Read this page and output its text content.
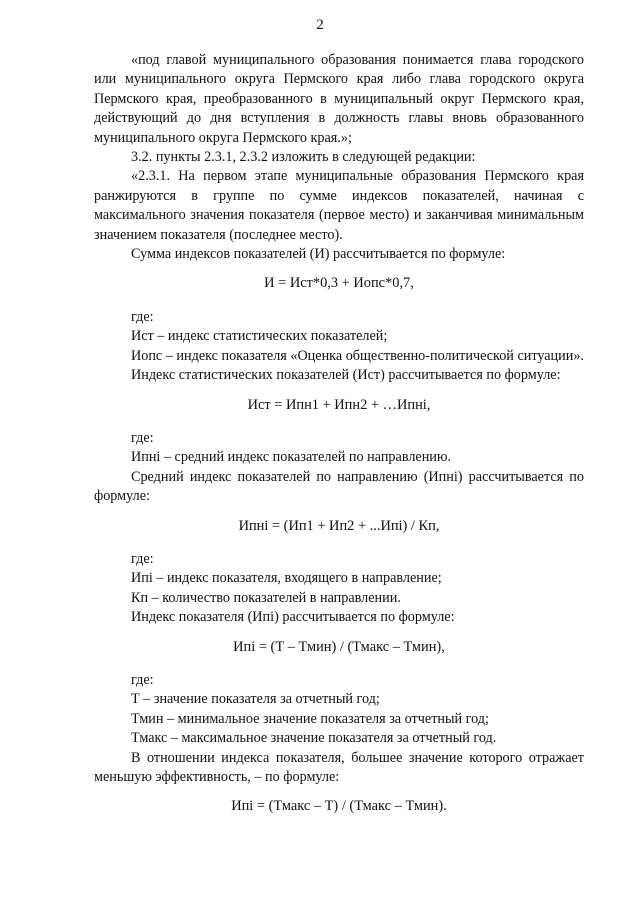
2

«под главой муниципального образования понимается глава городского или муниципального округа Пермского края либо глава городского округа Пермского края, преобразованного в муниципальный округ Пермского края, действующий до дня вступления в должность главы вновь образованного муниципального округа Пермского края.»;

3.2. пункты 2.3.1, 2.3.2 изложить в следующей редакции:

«2.3.1. На первом этапе муниципальные образования Пермского края ранжируются в группе по сумме индексов показателей, начиная с максимального значения показателя (первое место) и заканчивая минимальным значением показателя (последнее место).

Сумма индексов показателей (И) рассчитывается по формуле:

И = Ист*0,3 + Иопс*0,7,

где:

Ист – индекс статистических показателей;

Иопс – индекс показателя «Оценка общественно-политической ситуации».

Индекс статистических показателей (Ист) рассчитывается по формуле:

Ист = Ипн1 + Ипн2 + …Ипнi,

где:

Ипнi – средний индекс показателей по направлению.

Средний индекс показателей по направлению (Ипнi) рассчитывается по формуле:

Ипнi = (Ип1 + Ип2 + ...Ипi) / Кп,

где:

Ипi – индекс показателя, входящего в направление;

Кп – количество показателей в направлении.

Индекс показателя (Ипi) рассчитывается по формуле:

Ипi = (Т – Тмин) / (Тмакс – Тмин),

где:

Т – значение показателя за отчетный год;

Тмин – минимальное значение показателя за отчетный год;

Тмакс – максимальное значение показателя за отчетный год.

В отношении индекса показателя, большее значение которого отражает меньшую эффективность, – по формуле:

Ипi = (Тмакс – Т) / (Тмакс – Тмин).
